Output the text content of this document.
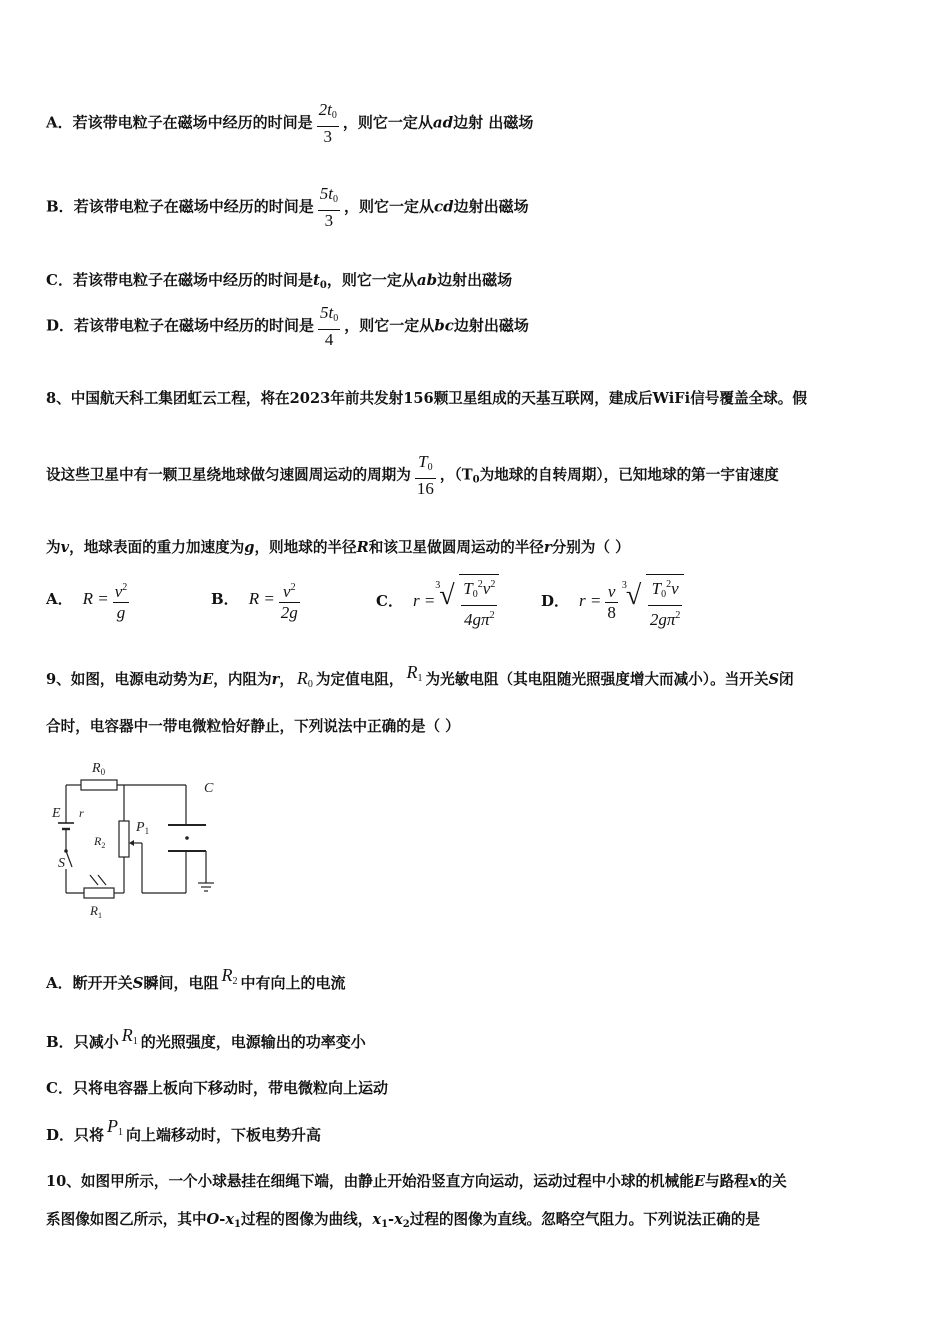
A．若该带电粒子在磁场中经历的时间是 $\frac{2t_0}{3}$ ，则它一定从ad边射 出磁场
B．若该带电粒子在磁场中经历的时间是 $\frac{5t_0}{3}$ ，则它一定从cd边射出磁场
C．若该带电粒子在磁场中经历的时间是$t_0$，则它一定从ab边射出磁场
D．若该带电粒子在磁场中经历的时间是 $\frac{5t_0}{4}$ ，则它一定从bc边射出磁场
8、中国航天科工集团虹云工程，将在2023年前共发射156颗卫星组成的天基互联网，建成后WiFi信号覆盖全球。假
设这些卫星中有一颗卫星绕地球做匀速圆周运动的周期为 $\frac{T_0}{16}$ ，（$T_0$为地球的自转周期），已知地球的第一宇宙速度
为v，地球表面的重力加速度为g，则地球的半径R和该卫星做圆周运动的半径r分别为（ ）
A． $R = \frac{v^2}{g}$	B． $R = \frac{v^2}{2g}$	C． r =
3 √ $\frac{T_0^2v^2}{4g\pi^2}$	D． $r = \frac{v}{8} 3$ √ $\frac{T_0^2v}{2g\pi^2}$
9、如图，电源电动势为E，内阻为r， $R_0$ 为定值电阻， $R_1$ 为光敏电阻（其电阻随光照强度增大而减小）。当开关S闭
合时，电容器中一带电微粒恰好静止，下列说法中正确的是（ ）
$R_0$
C
E r
$P_1$
$R_2$
S
$R_1$
A．断开开关S瞬间，电阻 $R_2$ 中有向上的电流
B．只减小 $R_1$ 的光照强度，电源输出的功率变小
C．只将电容器上板向下移动时，带电微粒向上运动
D．只将 $P_1$ 向上端移动时，下板电势升高
10、如图甲所示，一个小球悬挂在细绳下端，由静止开始沿竖直方向运动，运动过程中小球的机械能E与路程x的关
系图像如图乙所示，其中$O-x_1$过程的图像为曲线，$x_1-x_2$过程的图像为直线。忽略空气阻力。下列说法正确的是
